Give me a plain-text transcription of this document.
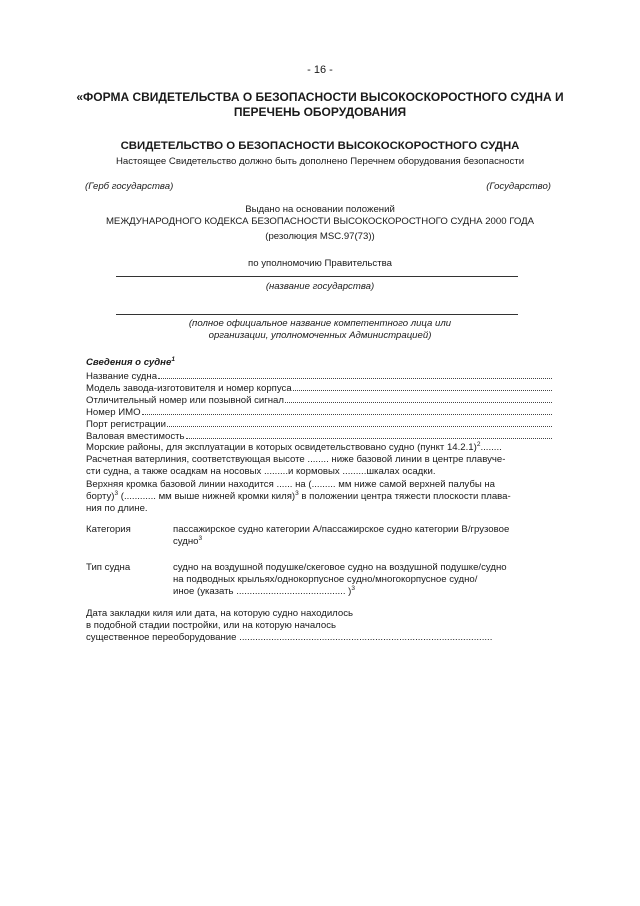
- 16 -
«ФОРМА СВИДЕТЕЛЬСТВА О БЕЗОПАСНОСТИ ВЫСОКОСКОРОСТНОГО СУДНА И
ПЕРЕЧЕНЬ ОБОРУДОВАНИЯ
СВИДЕТЕЛЬСТВО О БЕЗОПАСНОСТИ ВЫСОКОСКОРОСТНОГО СУДНА
Настоящее Свидетельство должно быть дополнено Перечнем оборудования безопасности
(Герб государства)	(Государство)
Выдано на основании положений
МЕЖДУНАРОДНОГО КОДЕКСА БЕЗОПАСНОСТИ ВЫСОКОСКОРОСТНОГО СУДНА 2000 ГОДА
(резолюция MSC.97(73))
по уполномочию Правительства
(название государства)
(полное официальное название компетентного лица или
организации, уполномоченных Администрацией)
Сведения о судне$^1$
Название судна
Модель завода-изготовителя и номер корпуса
Отличительный номер или позывной сигнал
Номер ИМО
Порт регистрации
Валовая вместимость
Морские районы, для эксплуатации в которых освидетельствовано судно (пункт 14.2.1)$^2$........
Расчетная ватерлиния, соответствующая высоте ........ ниже базовой линии в центре плавуче-
сти судна, а также осадкам на носовых .........и кормовых .........шкалах осадки.
Верхняя кромка базовой линии находится ...... на (......... мм ниже самой верхней палубы на
борту)$^3$ (............ мм выше нижней кромки киля)$^3$ в положении центра тяжести плоскости плава-
ния по длине.
Категория	пассажирское судно категории А/пассажирское судно категории В/грузовое
судно$^3$
Тип судна	судно на воздушной подушке/скеговое судно на воздушной подушке/судно
на подводных крыльях/однокорпусное судно/многокорпусное судно/
иное (указать ......................................... )$^3$
Дата закладки киля или дата, на которую судно находилось
в подобной стадии постройки, или на которую началось
существенное переоборудование ...............................................................................................
